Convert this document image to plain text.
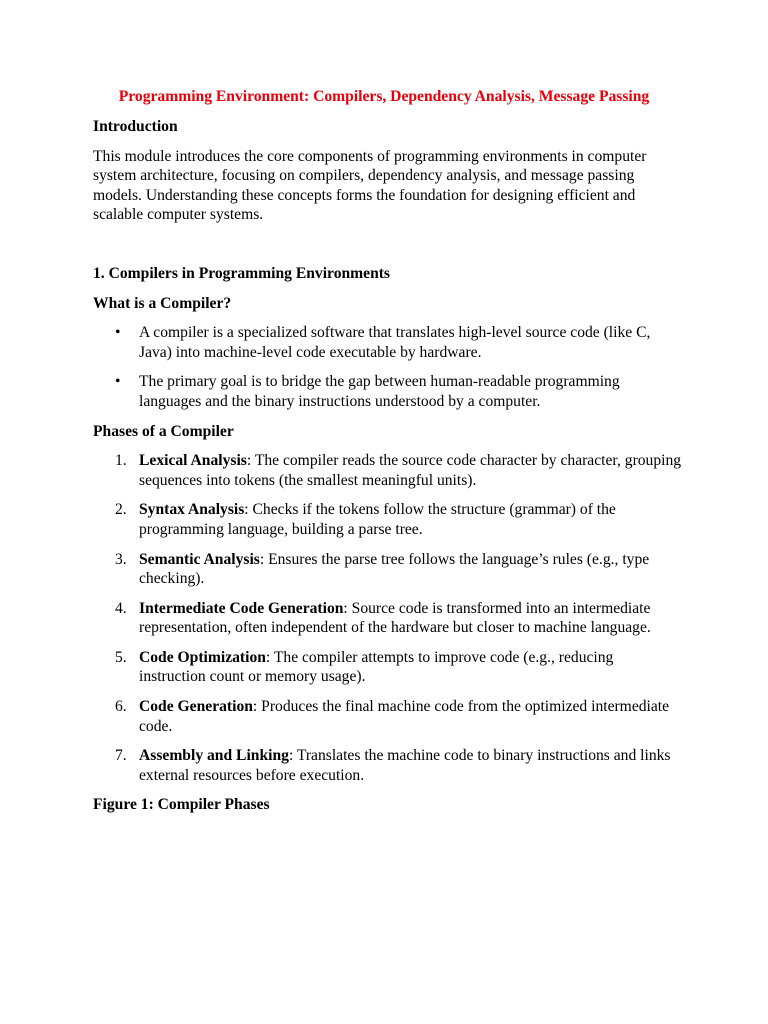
Programming Environment: Compilers, Dependency Analysis, Message Passing
Introduction

This module introduces the core components of programming environments in computer system architecture, focusing on compilers, dependency analysis, and message passing models. Understanding these concepts forms the foundation for designing efficient and scalable computer systems.

1. Compilers in Programming Environments
What is a Compiler?
• A compiler is a specialized software that translates high-level source code (like C, Java) into machine-level code executable by hardware.
• The primary goal is to bridge the gap between human-readable programming languages and the binary instructions understood by a computer.
Phases of a Compiler
1. Lexical Analysis: The compiler reads the source code character by character, grouping sequences into tokens (the smallest meaningful units).
2. Syntax Analysis: Checks if the tokens follow the structure (grammar) of the programming language, building a parse tree.
3. Semantic Analysis: Ensures the parse tree follows the language’s rules (e.g., type checking).
4. Intermediate Code Generation: Source code is transformed into an intermediate representation, often independent of the hardware but closer to machine language.
5. Code Optimization: The compiler attempts to improve code (e.g., reducing instruction count or memory usage).
6. Code Generation: Produces the final machine code from the optimized intermediate code.
7. Assembly and Linking: Translates the machine code to binary instructions and links external resources before execution.
Figure 1: Compiler Phases
